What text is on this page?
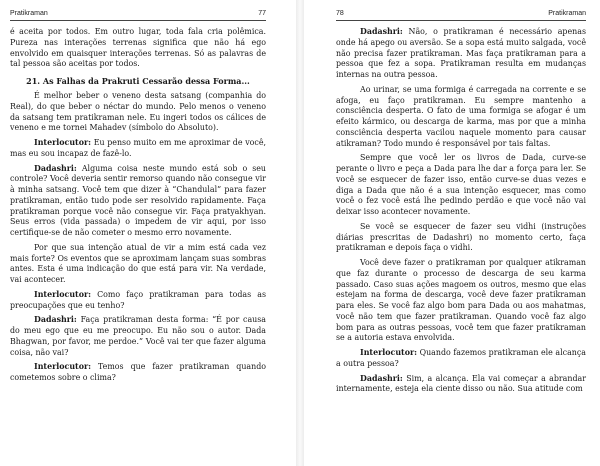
Pratikraman	77

é aceita por todos. Em outro lugar, toda fala cria polêmica. Pureza nas interações terrenas significa que não há ego envolvido em quaisquer interações terrenas. Só as palavras de tal pessoa são aceitas por todos.

21. As Falhas da Prakruti Cessarão dessa Forma...

É melhor beber o veneno desta satsang (companhia do Real), do que beber o néctar do mundo. Pelo menos o veneno da satsang tem pratikraman nele. Eu ingeri todos os cálices de veneno e me tornei Mahadev (símbolo do Absoluto).

Interlocutor: Eu penso muito em me aproximar de você, mas eu sou incapaz de fazê-lo.

Dadashri: Alguma coisa neste mundo está sob o seu controle? Você deveria sentir remorso quando não consegue vir à minha satsang. Você tem que dizer à “Chandulal” para fazer pratikraman, então tudo pode ser resolvido rapidamente. Faça pratikraman porque você não consegue vir. Faça pratyakhyan. Seus erros (vida passada) o impedem de vir aqui, por isso certifique-se de não cometer o mesmo erro novamente.

Por que sua intenção atual de vir a mim está cada vez mais forte? Os eventos que se aproximam lançam suas sombras antes. Esta é uma indicação do que está para vir. Na verdade, vai acontecer.

Interlocutor: Como faço pratikraman para todas as preocupações que eu tenho?

Dadashri: Faça pratikraman desta forma: “É por causa do meu ego que eu me preocupo. Eu não sou o autor. Dada Bhagwan, por favor, me perdoe.” Você vai ter que fazer alguma coisa, não vai?

Interlocutor: Temos que fazer pratikraman quando cometemos sobre o clima?

78	Pratikraman

Dadashri: Não, o pratikraman é necessário apenas onde há apego ou aversão. Se a sopa está muito salgada, você não precisa fazer pratikraman. Mas faça pratikraman para a pessoa que fez a sopa. Pratikraman resulta em mudanças internas na outra pessoa.

Ao urinar, se uma formiga é carregada na corrente e se afoga, eu faço pratikraman. Eu sempre mantenho a consciência desperta. O fato de uma formiga se afogar é um efeito kármico, ou descarga de karma, mas por que a minha consciência desperta vacilou naquele momento para causar atikraman? Todo mundo é responsável por tais faltas.

Sempre que você ler os livros de Dada, curve-se perante o livro e peça a Dada para lhe dar a força para ler. Se você se esquecer de fazer isso, então curve-se duas vezes e diga a Dada que não é a sua intenção esquecer, mas como você o fez você está lhe pedindo perdão e que você não vai deixar isso acontecer novamente.

Se você se esquecer de fazer seu vidhi (instruções diárias prescritas de Dadashri) no momento certo, faça pratikraman e depois faça o vidhi.

Você deve fazer o pratikraman por qualquer atikraman que faz durante o processo de descarga de seu karma passado. Caso suas ações magoem os outros, mesmo que elas estejam na forma de descarga, você deve fazer pratikraman para eles. Se você faz algo bom para Dada ou aos mahatmas, você não tem que fazer pratikraman. Quando você faz algo bom para as outras pessoas, você tem que fazer pratikraman se a autoria estava envolvida.

Interlocutor: Quando fazemos pratikraman ele alcança a outra pessoa?

Dadashri: Sim, a alcança. Ela vai começar a abrandar internamente, esteja ela ciente disso ou não. Sua atitude com
